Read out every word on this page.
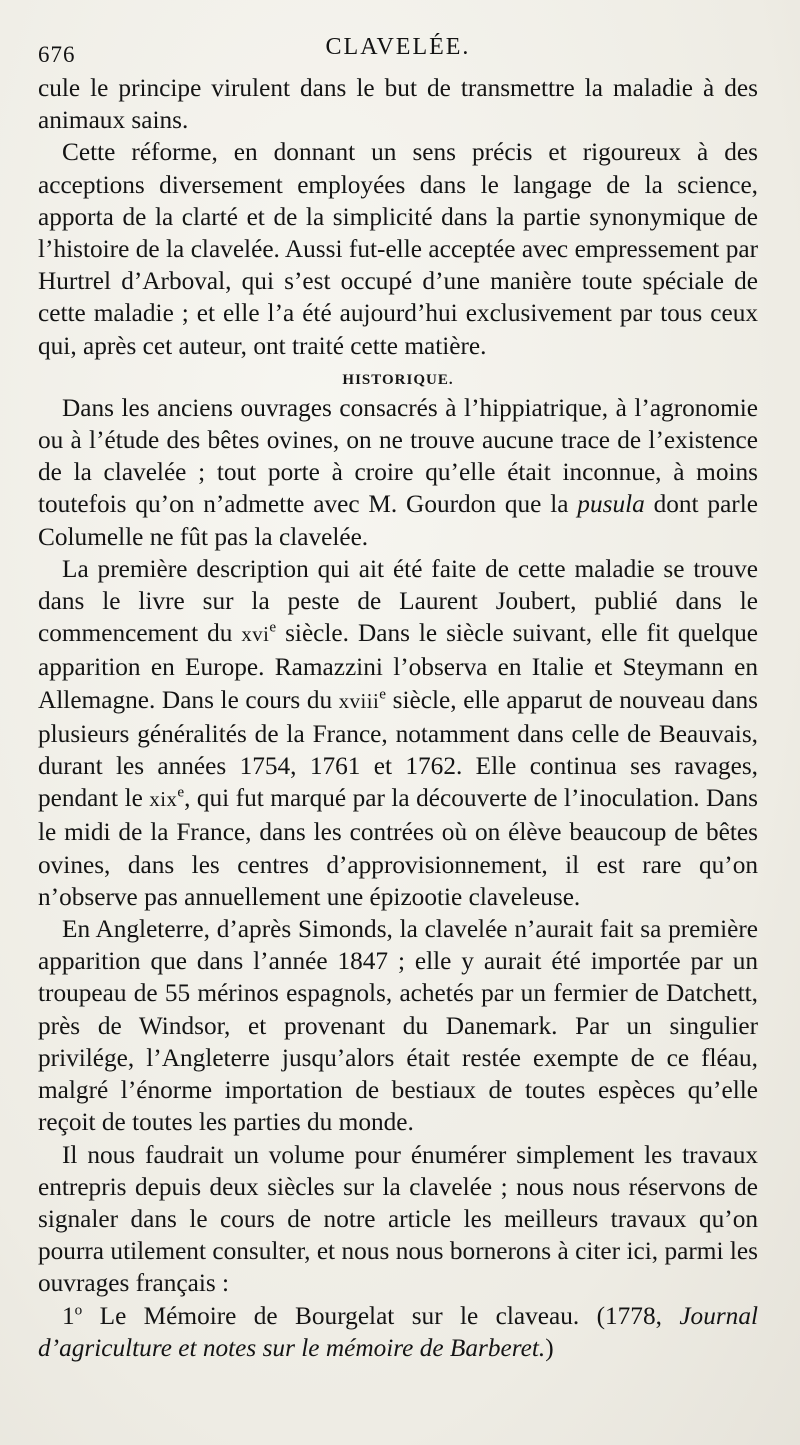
676	CLAVELÉE.

cule le principe virulent dans le but de transmettre la maladie à des animaux sains.

Cette réforme, en donnant un sens précis et rigoureux à des acceptions diversement employées dans le langage de la science, apporta de la clarté et de la simplicité dans la partie synonymique de l’histoire de la clavelée. Aussi fut-elle acceptée avec empressement par Hurtrel d’Arboval, qui s’est occupé d’une manière toute spéciale de cette maladie ; et elle l’a été aujourd’hui exclusivement par tous ceux qui, après cet auteur, ont traité cette matière.

HISTORIQUE.

Dans les anciens ouvrages consacrés à l’hippiatrique, à l’agronomie ou à l’étude des bêtes ovines, on ne trouve aucune trace de l’existence de la clavelée ; tout porte à croire qu’elle était inconnue, à moins toutefois qu’on n’admette avec M. Gourdon que la pusula dont parle Columelle ne fût pas la clavelée.

La première description qui ait été faite de cette maladie se trouve dans le livre sur la peste de Laurent Joubert, publié dans le commencement du xvi$^e$ siècle. Dans le siècle suivant, elle fit quelque apparition en Europe. Ramazzini l’observa en Italie et Steymann en Allemagne. Dans le cours du xviii$^e$ siècle, elle apparut de nouveau dans plusieurs généralités de la France, notamment dans celle de Beauvais, durant les années 1754, 1761 et 1762. Elle continua ses ravages, pendant le xix$^e$, qui fut marqué par la découverte de l’inoculation. Dans le midi de la France, dans les contrées où on élève beaucoup de bêtes ovines, dans les centres d’approvisionnement, il est rare qu’on n’observe pas annuellement une épizootie claveleuse.

En Angleterre, d’après Simonds, la clavelée n’aurait fait sa première apparition que dans l’année 1847 ; elle y aurait été importée par un troupeau de 55 mérinos espagnols, achetés par un fermier de Datchett, près de Windsor, et provenant du Danemark. Par un singulier privilége, l’Angleterre jusqu’alors était restée exempte de ce fléau, malgré l’énorme importation de bestiaux de toutes espèces qu’elle reçoit de toutes les parties du monde.

Il nous faudrait un volume pour énumérer simplement les travaux entrepris depuis deux siècles sur la clavelée ; nous nous réservons de signaler dans le cours de notre article les meilleurs travaux qu’on pourra utilement consulter, et nous nous bornerons à citer ici, parmi les ouvrages français :

1$^o$ Le Mémoire de Bourgelat sur le claveau. (1778, Journal d’agriculture et notes sur le mémoire de Barberet.)
